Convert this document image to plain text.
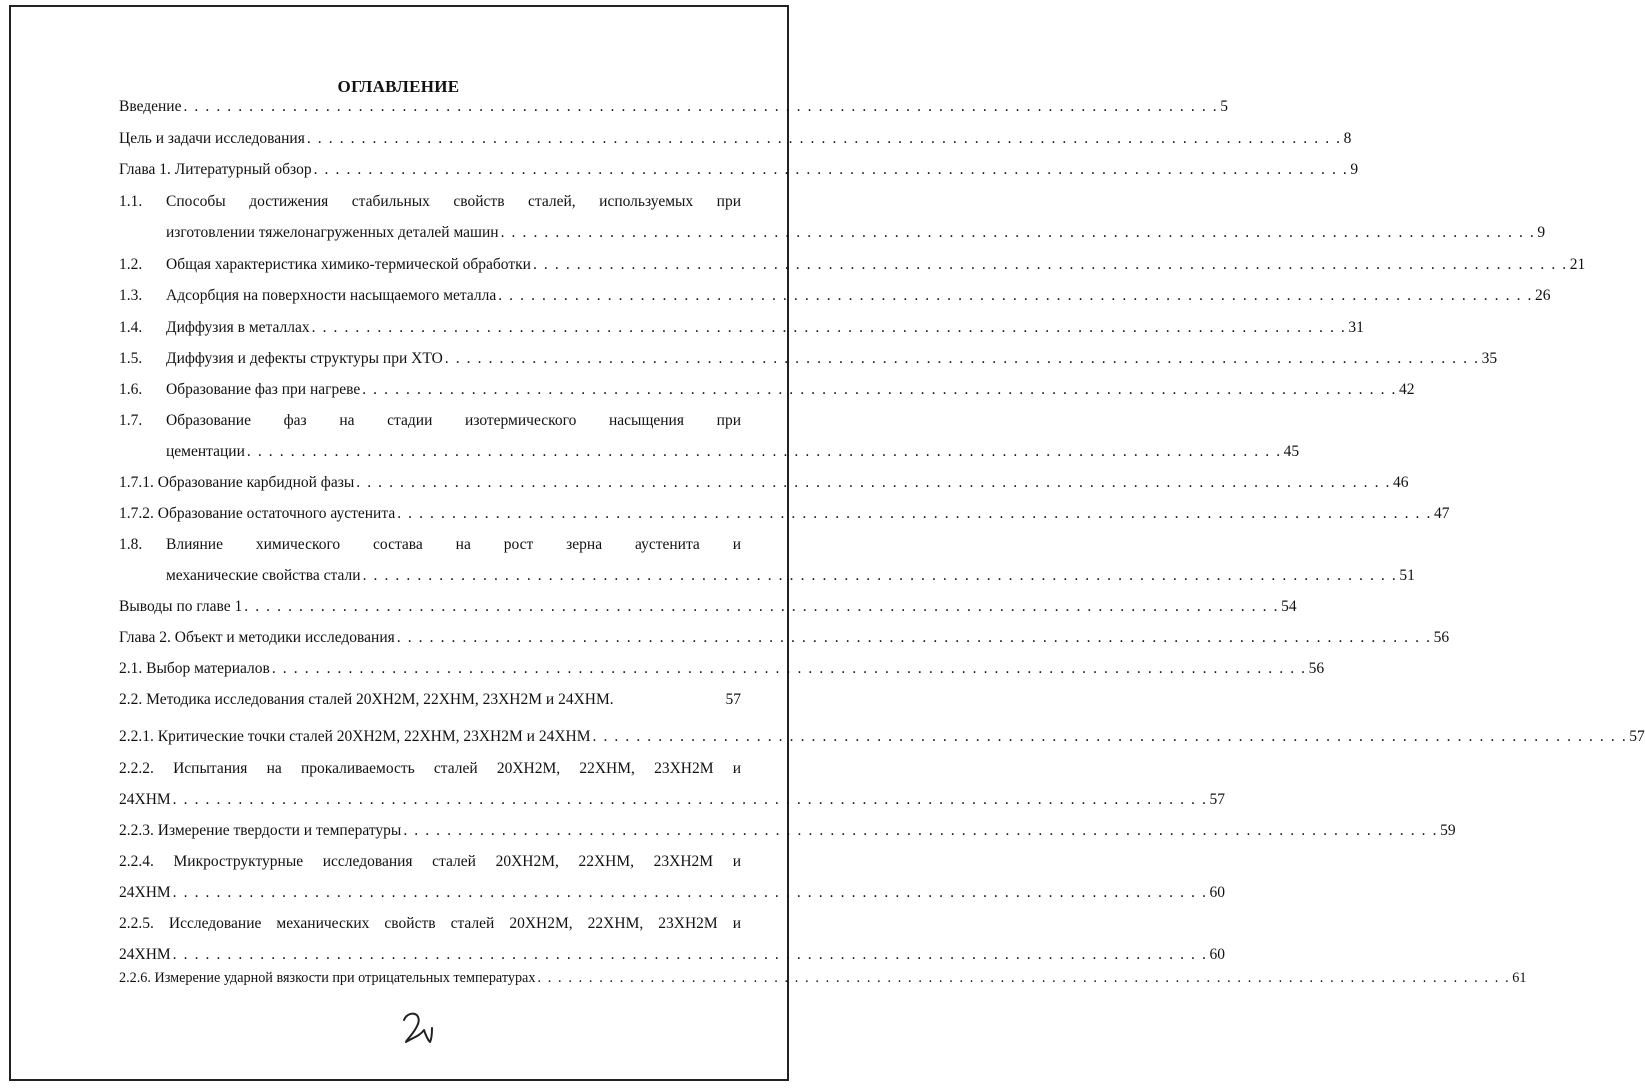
ОГЛАВЛЕНИЕ
Введение . . .	5
Цель и задачи исследования . . .	8
Глава 1. Литературный обзор . . .	9
1.1.	Способы достижения стабильных свойств сталей, используемых при
изготовлении тяжелонагруженных деталей машин . . .	9
1.2.	Общая характеристика химико-термической обработки . . .	21
1.3.	Адсорбция на поверхности насыщаемого металла . . .	26
1.4.	Диффузия в металлах . . .	31
1.5.	Диффузия и дефекты структуры при ХТО . . .	35
1.6.	Образование фаз при нагреве . . .	42
1.7.	Образование фаз на стадии изотермического насыщения при
цементации . . .	45
1.7.1. Образование карбидной фазы . . .	46
1.7.2. Образование остаточного аустенита . . .	47
1.8.	Влияние химического состава на рост зерна аустенита и
механические свойства стали . . .	51
Выводы по главе 1 . . .	54
Глава 2. Объект и методики исследования . . .	56
2.1. Выбор материалов . . .	56
2.2. Методика исследования сталей 20ХН2М, 22ХНМ, 23ХН2М и 24ХНМ.	57
2.2.1. Критические точки сталей 20ХН2М, 22ХНМ, 23ХН2М и 24ХНМ . . .	57
2.2.2. Испытания на прокаливаемость сталей 20ХН2М, 22ХНМ, 23ХН2М и
24ХНМ . . .	57
2.2.3. Измерение твердости и температуры . . .	59
2.2.4. Микроструктурные исследования сталей 20ХН2М, 22ХНМ, 23ХН2М и
24ХНМ . . .	60
2.2.5. Исследование механических свойств сталей 20ХН2М, 22ХНМ, 23ХН2М и
24ХНМ . . .	60
2.2.6. Измерение ударной вязкости при отрицательных температурах . . .	61
